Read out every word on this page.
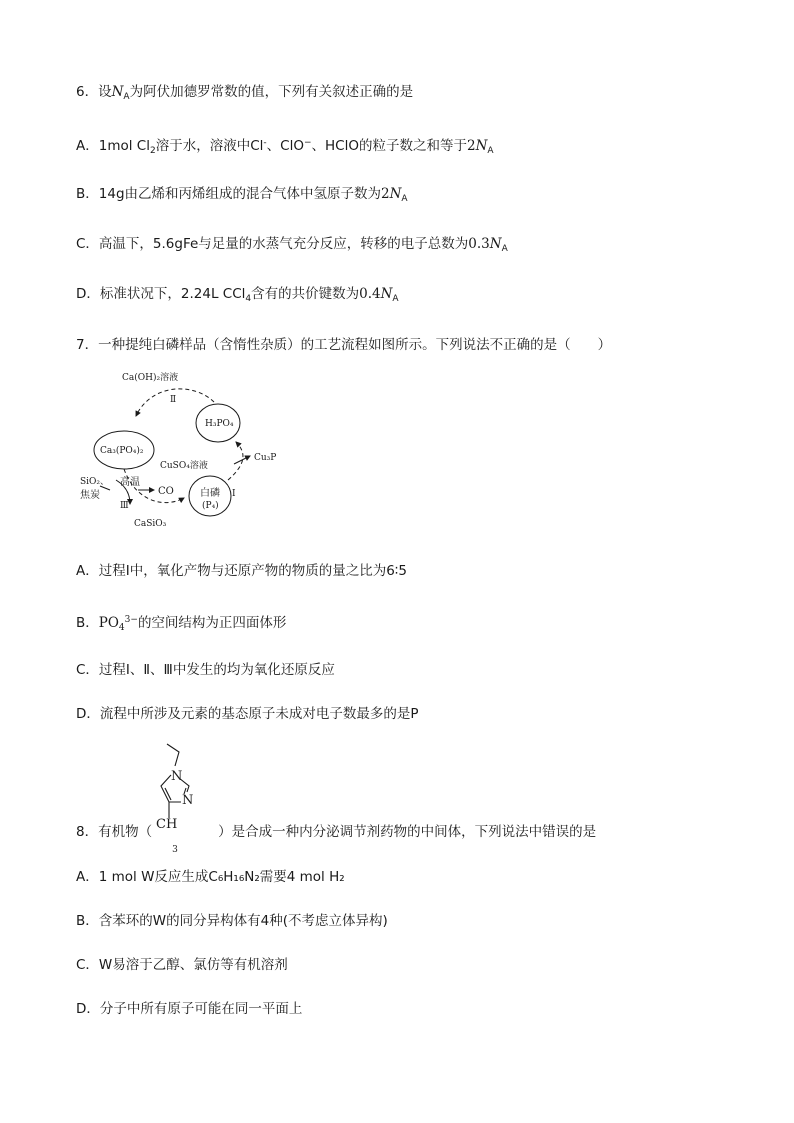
6．设$N_A$为阿伏加德罗常数的值，下列有关叙述正确的是
A．1mol $Cl_2$溶于水，溶液中Cl-、ClO−、HClO的粒子数之和等于$2N_A$
B．14g由乙烯和丙烯组成的混合气体中氢原子数为$2N_A$
C．高温下，5.6gFe与足量的水蒸气充分反应，转移的电子总数为$0.3N_A$
D．标准状况下，2.24L CCl$_4$含有的共价键数为$0.4N_A$
7．一种提纯白磷样品（含惰性杂质）的工艺流程如图所示。下列说法不正确的是（　　）
Ca(OH)₂溶液
Ⅱ
H₃PO₄
Ca₃(PO₄)₂
CuSO₄溶液
Cu₃P
SiO₂、
焦炭
高温
CO
Ⅲ
Ⅰ
白磷
(P₄)
CaSiO₃
A．过程Ⅰ中，氧化产物与还原产物的物质的量之比为6∶5
B．$PO_4^{3-}$的空间结构为正四面体形
C．过程Ⅰ、Ⅱ、Ⅲ中发生的均为氧化还原反应
D．流程中所涉及元素的基态原子未成对电子数最多的是P
N
N
CH
8．有机物（
3
）是合成一种内分泌调节剂药物的中间体，下列说法中错误的是
A．1 mol W反应生成C₆H₁₆N₂需要4 mol H₂
B．含苯环的W的同分异构体有4种(不考虑立体异构)
C．W易溶于乙醇、氯仿等有机溶剂
D．分子中所有原子可能在同一平面上
